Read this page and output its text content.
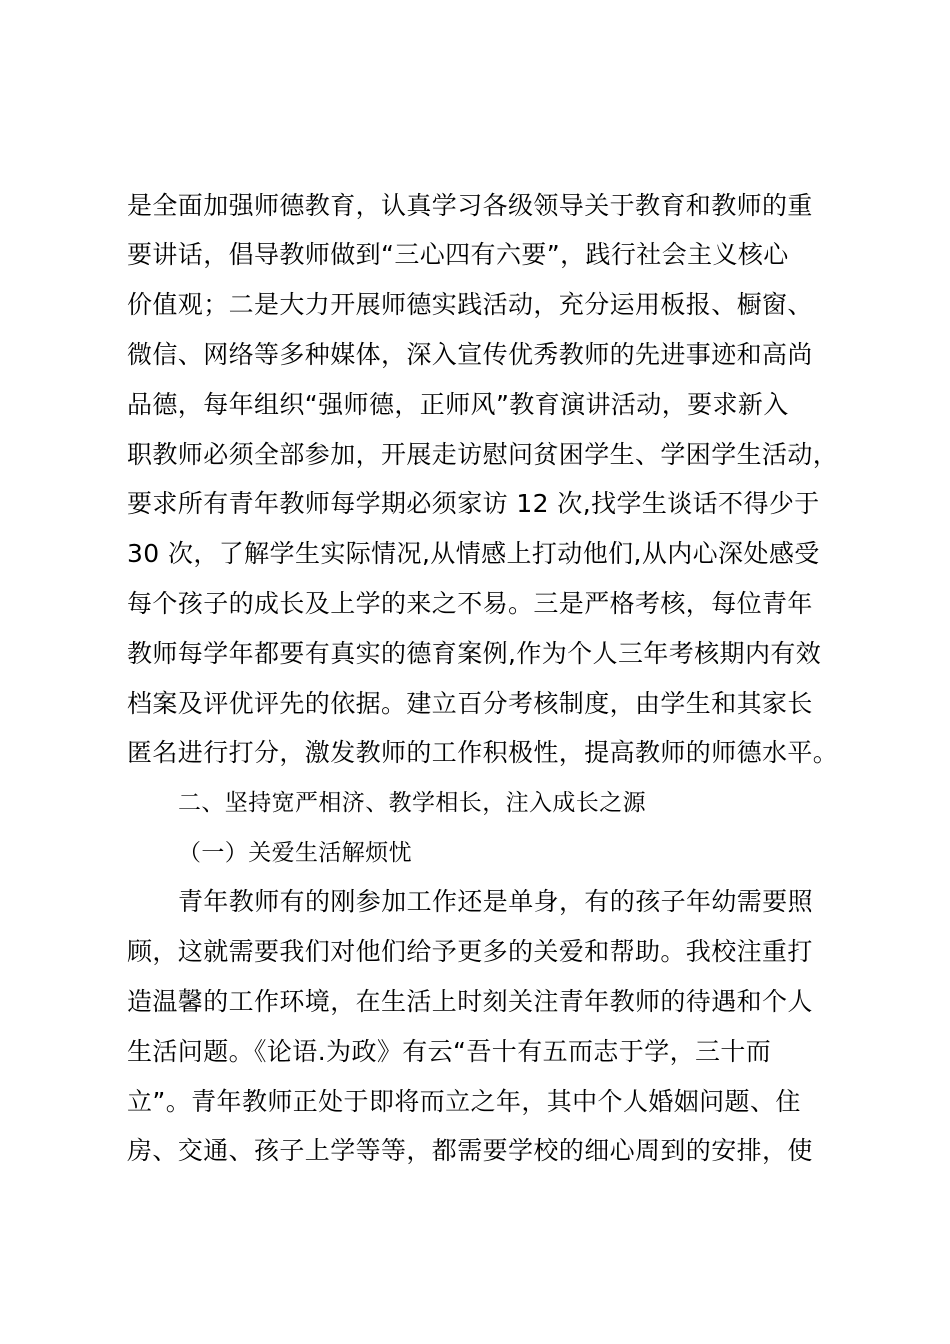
是全面加强师德教育，认真学习各级领导关于教育和教师的重
要讲话，倡导教师做到“三心四有六要”，践行社会主义核心
价值观；二是大力开展师德实践活动，充分运用板报、橱窗、
微信、网络等多种媒体，深入宣传优秀教师的先进事迹和高尚
品德，每年组织“强师德，正师风”教育演讲活动，要求新入
职教师必须全部参加，开展走访慰问贫困学生、学困学生活动，
要求所有青年教师每学期必须家访 12 次,找学生谈话不得少于
30 次，了解学生实际情况,从情感上打动他们,从内心深处感受
每个孩子的成长及上学的来之不易。三是严格考核，每位青年
教师每学年都要有真实的德育案例,作为个人三年考核期内有效
档案及评优评先的依据。建立百分考核制度，由学生和其家长
匿名进行打分，激发教师的工作积极性，提高教师的师德水平。
二、坚持宽严相济、教学相长，注入成长之源
（一）关爱生活解烦忧
青年教师有的刚参加工作还是单身，有的孩子年幼需要照
顾，这就需要我们对他们给予更多的关爱和帮助。我校注重打
造温馨的工作环境，在生活上时刻关注青年教师的待遇和个人
生活问题。《论语.为政》有云“吾十有五而志于学，三十而
立”。青年教师正处于即将而立之年，其中个人婚姻问题、住
房、交通、孩子上学等等，都需要学校的细心周到的安排，使
